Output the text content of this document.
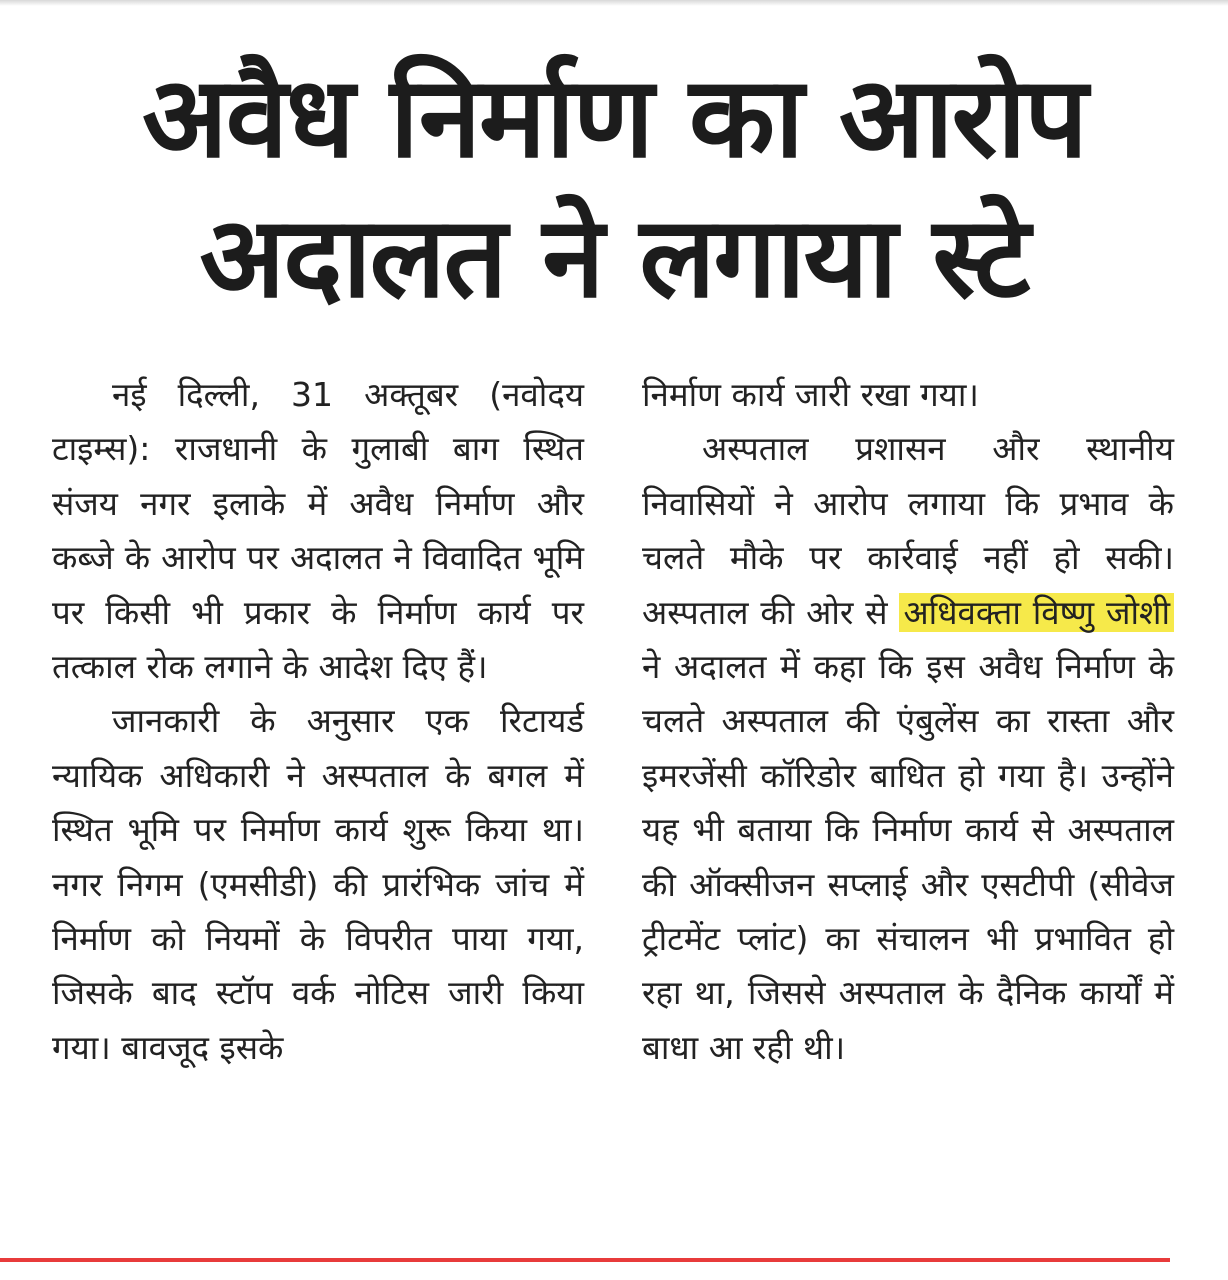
अवैध निर्माण का आरोप
अदालत ने लगाया स्टे

नई दिल्ली, 31 अक्तूबर (नवोदय टाइम्स): राजधानी के गुलाबी बाग स्थित संजय नगर इलाके में अवैध निर्माण और कब्जे के आरोप पर अदालत ने विवादित भूमि पर किसी भी प्रकार के निर्माण कार्य पर तत्काल रोक लगाने के आदेश दिए हैं।

जानकारी के अनुसार एक रिटायर्ड न्यायिक अधिकारी ने अस्पताल के बगल में स्थित भूमि पर निर्माण कार्य शुरू किया था। नगर निगम (एमसीडी) की प्रारंभिक जांच में निर्माण को नियमों के विपरीत पाया गया, जिसके बाद स्टॉप वर्क नोटिस जारी किया गया। बावजूद इसके

निर्माण कार्य जारी रखा गया।

अस्पताल प्रशासन और स्थानीय निवासियों ने आरोप लगाया कि प्रभाव के चलते मौके पर कार्रवाई नहीं हो सकी। अस्पताल की ओर से अधिवक्ता विष्णु जोशी ने अदालत में कहा कि इस अवैध निर्माण के चलते अस्पताल की एंबुलेंस का रास्ता और इमरजेंसी कॉरिडोर बाधित हो गया है। उन्होंने यह भी बताया कि निर्माण कार्य से अस्पताल की ऑक्सीजन सप्लाई और एसटीपी (सीवेज ट्रीटमेंट प्लांट) का संचालन भी प्रभावित हो रहा था, जिससे अस्पताल के दैनिक कार्यों में बाधा आ रही थी।
